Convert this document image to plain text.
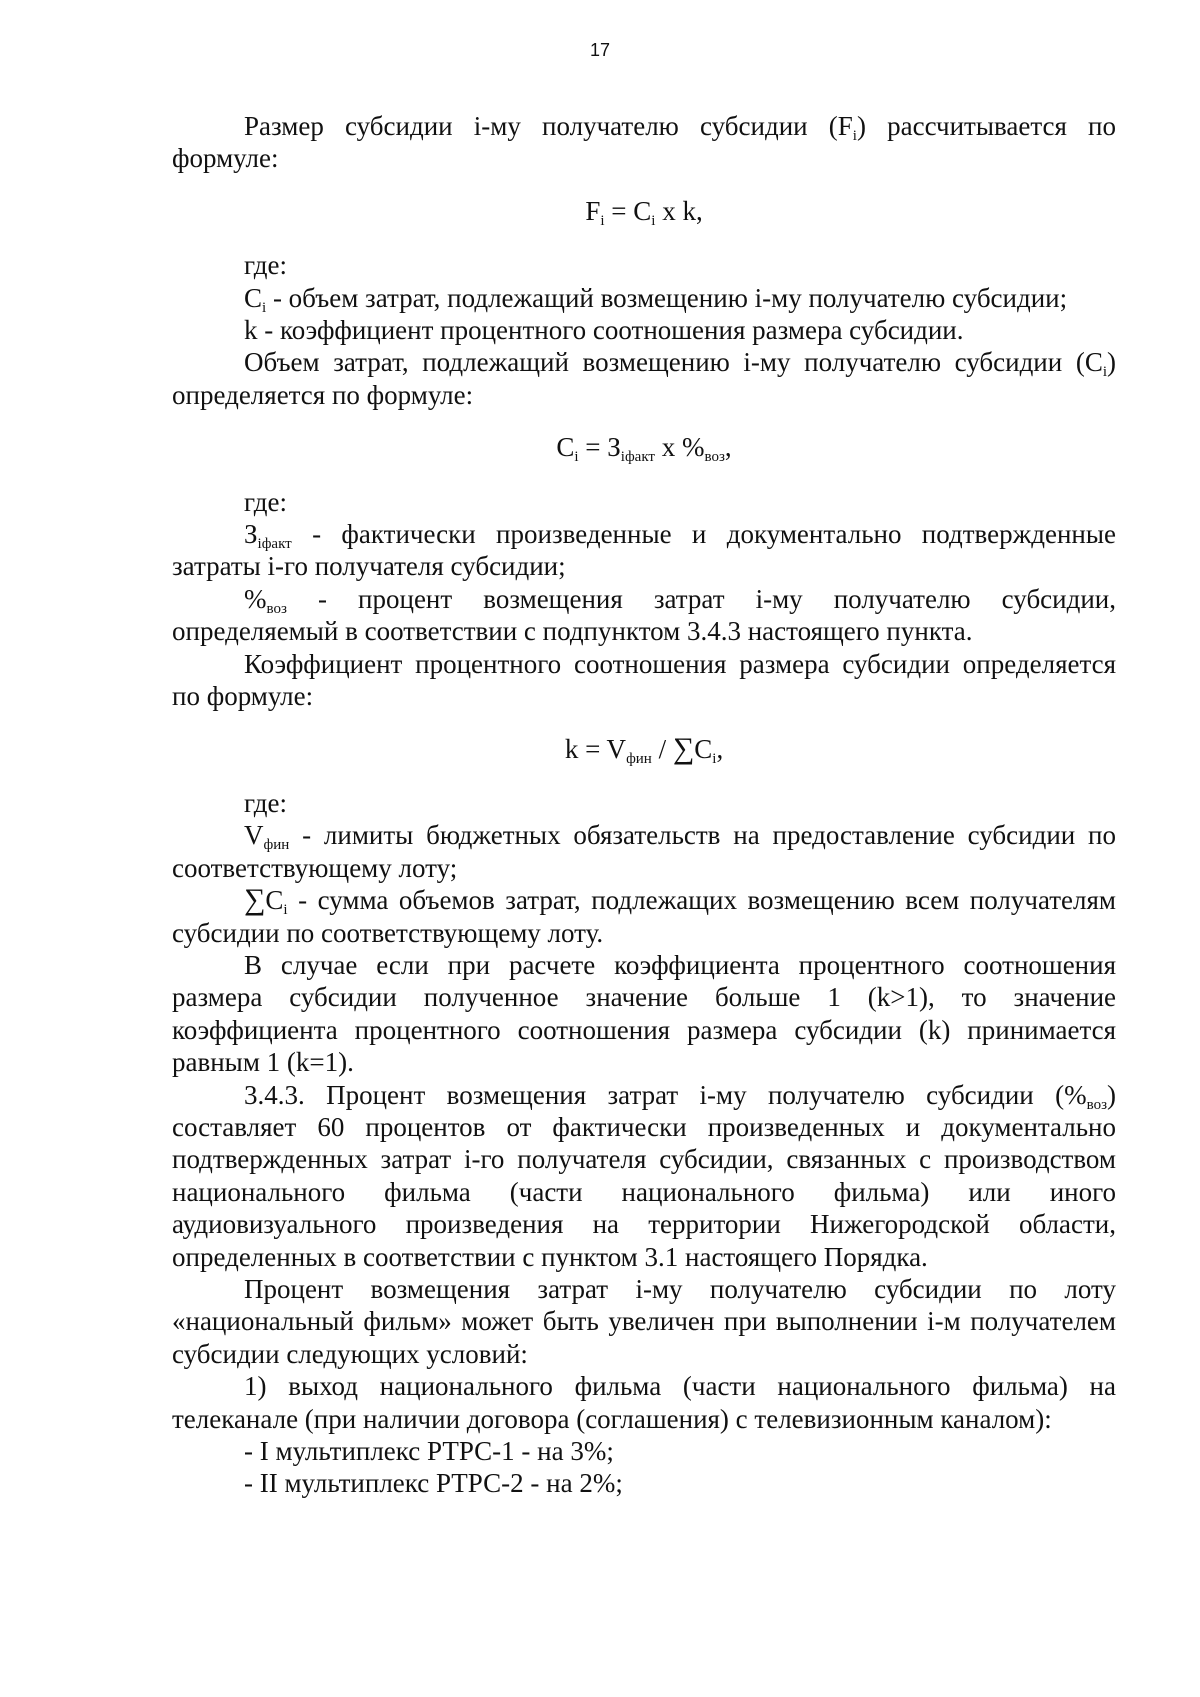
17

Размер субсидии i-му получателю субсидии $(F_i)$ рассчитывается по формуле:

$F_i = C_i$ x k,

где:

$C_i$ - объем затрат, подлежащий возмещению i-му получателю субсидии;

k - коэффициент процентного соотношения размера субсидии.

Объем затрат, подлежащий возмещению i-му получателю субсидии $(C_i)$ определяется по формуле:

$C_i = З_{iфакт}$ x $\%_{воз}$,

где:

$З_{iфакт}$ - фактически произведенные и документально подтвержденные затраты i-го получателя субсидии;

$\%_{воз}$ - процент возмещения затрат i-му получателю субсидии, определяемый в соответствии с подпунктом 3.4.3 настоящего пункта.

Коэффициент процентного соотношения размера субсидии определяется по формуле:

$k = V_{фин} / \sum C_i$,

где:

$V_{фин}$ - лимиты бюджетных обязательств на предоставление субсидии по соответствующему лоту;

$\sum C_i$ - сумма объемов затрат, подлежащих возмещению всем получателям субсидии по соответствующему лоту.

В случае если при расчете коэффициента процентного соотношения размера субсидии полученное значение больше 1 (k>1), то значение коэффициента процентного соотношения размера субсидии (k) принимается равным 1 (k=1).

3.4.3. Процент возмещения затрат i-му получателю субсидии $(\%_{воз})$ составляет 60 процентов от фактически произведенных и документально подтвержденных затрат i-го получателя субсидии, связанных с производством национального фильма (части национального фильма) или иного аудиовизуального произведения на территории Нижегородской области, определенных в соответствии с пунктом 3.1 настоящего Порядка.

Процент возмещения затрат i-му получателю субсидии по лоту «национальный фильм» может быть увеличен при выполнении i-м получателем субсидии следующих условий:

1) выход национального фильма (части национального фильма) на телеканале (при наличии договора (соглашения) с телевизионным каналом):

- I мультиплекс РТРС-1 - на 3%;

- II мультиплекс РТРС-2 - на 2%;
